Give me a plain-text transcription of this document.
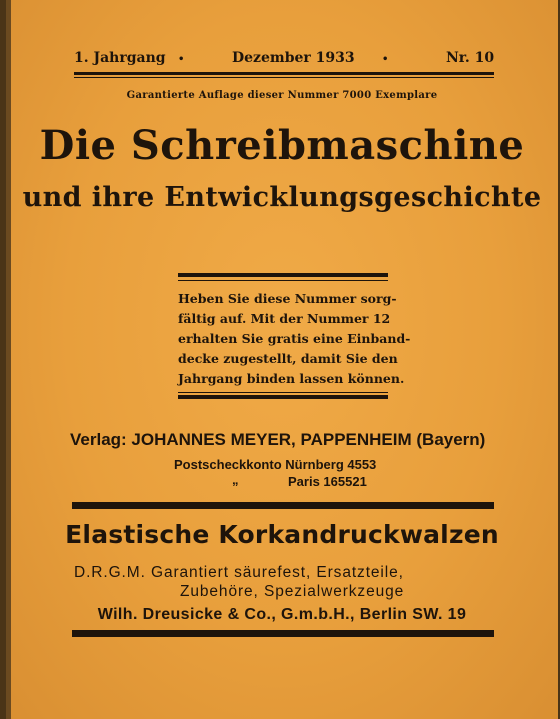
1. Jahrgang •	Dezember 1933	•	Nr. 10
Garantierte Auflage dieser Nummer 7000 Exemplare
Die Schreibmaschine
und ihre Entwicklungsgeschichte
Heben Sie diese Nummer sorg-
fältig auf. Mit der Nummer 12
erhalten Sie gratis eine Einband-
decke zugestellt, damit Sie den
Jahrgang binden lassen können.
Verlag: JOHANNES MEYER, PAPPENHEIM (Bayern)
Postscheckkonto Nürnberg 4553
„	Paris 165521
Elastische Korkandruckwalzen
D.R.G.M. Garantiert säurefest, Ersatzteile,
Zubehöre, Spezialwerkzeuge
Wilh. Dreusicke & Co., G.m.b.H., Berlin SW. 19
